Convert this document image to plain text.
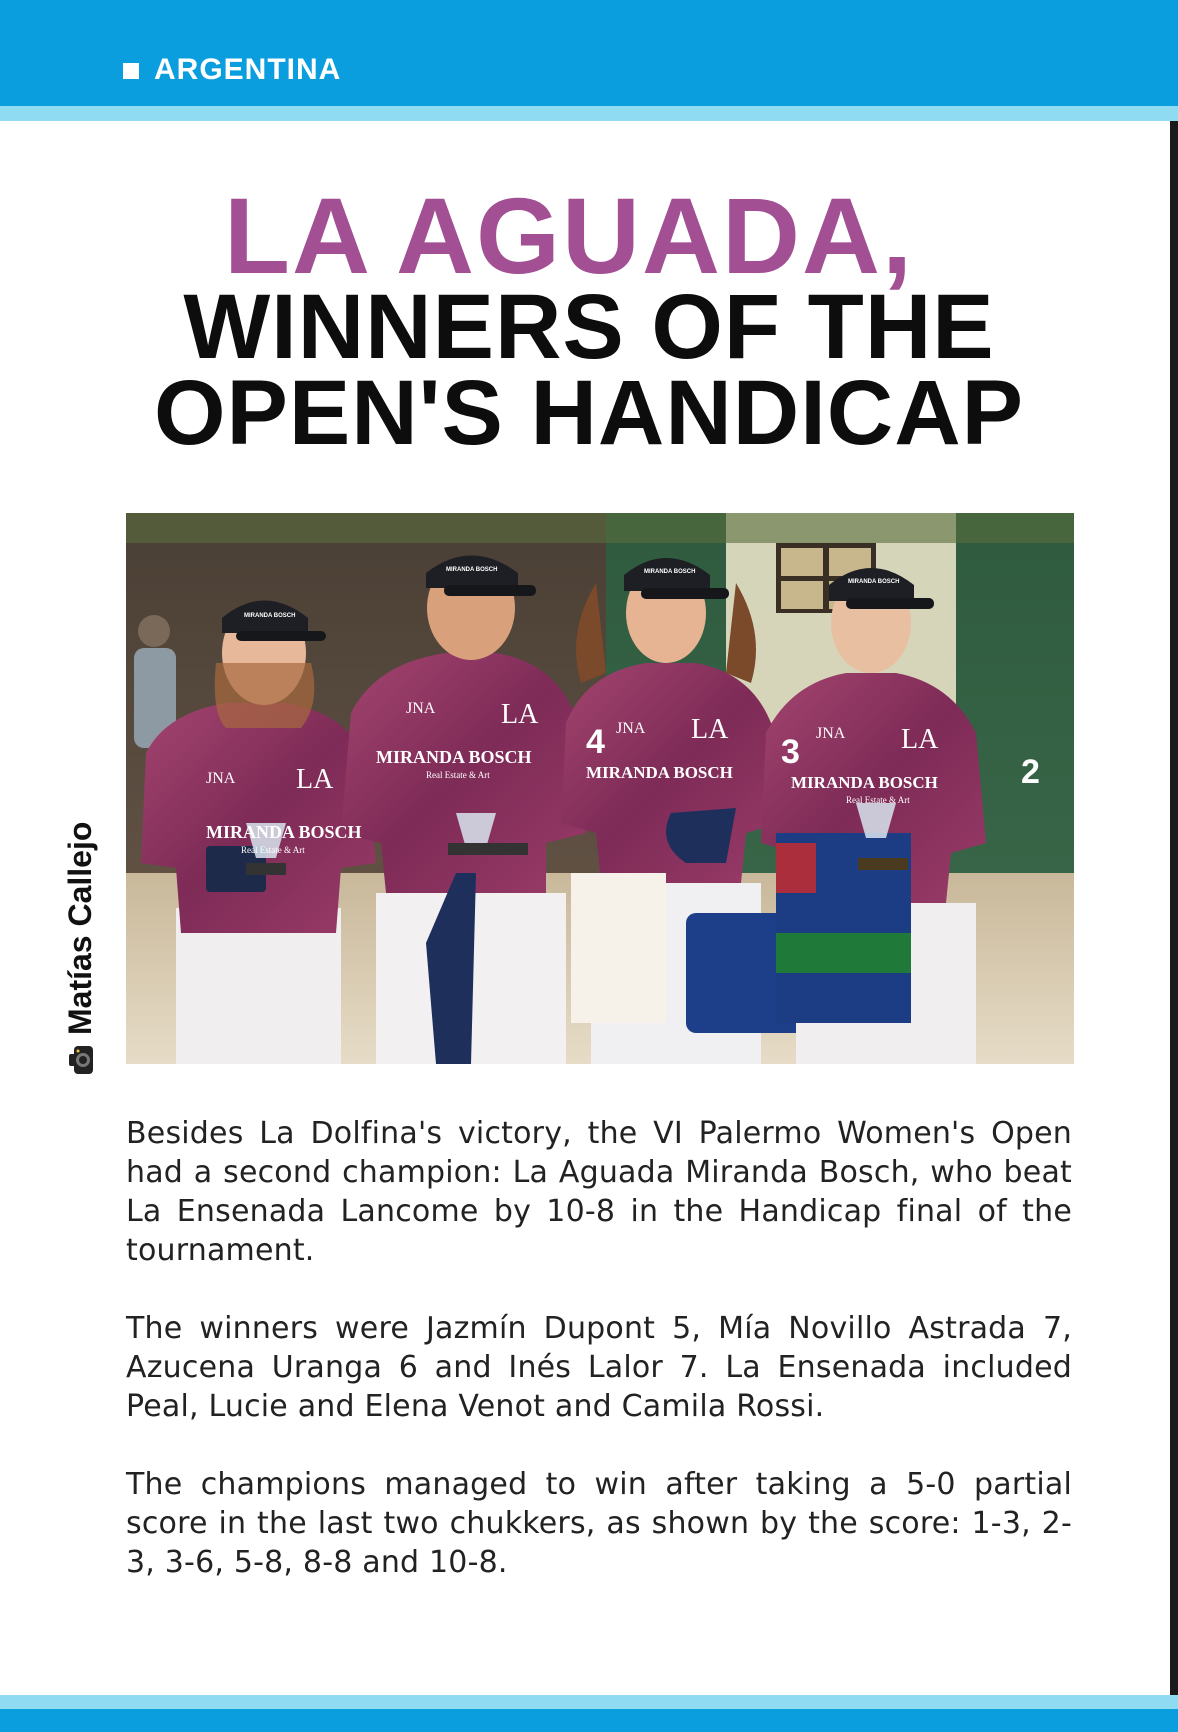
ARGENTINA
LA AGUADA,
WINNERS OF THE
OPEN'S HANDICAP
MIRANDA BOSCH
MIRANDA BOSCH
MIRANDA BOSCH
MIRANDA BOSCH
Real Estate & Art
Real Estate & Art
Real Estate & Art
LA
LA	LA	LA
JNA
JNA
JNA	JNA
4	3
2
MIRANDA BOSCH
MIRANDA BOSCH	MIRANDA BOSCH
MIRANDA BOSCH
Matías Callejo

Besides La Dolfina's victory, the VI Palermo Women's Open had a second champion: La Aguada Miranda Bosch, who beat La Ensenada Lancome by 10-8 in the Handicap final of the tournament.

The winners were Jazmín Dupont 5, Mía Novillo Astrada 7, Azucena Uranga 6 and Inés Lalor 7. La Ensenada included Peal, Lucie and Elena Venot and Camila Rossi.

The champions managed to win after taking a 5-0 partial score in the last two chukkers, as shown by the score: 1-3, 2-3, 3-6, 5-8, 8-8 and 10-8.
